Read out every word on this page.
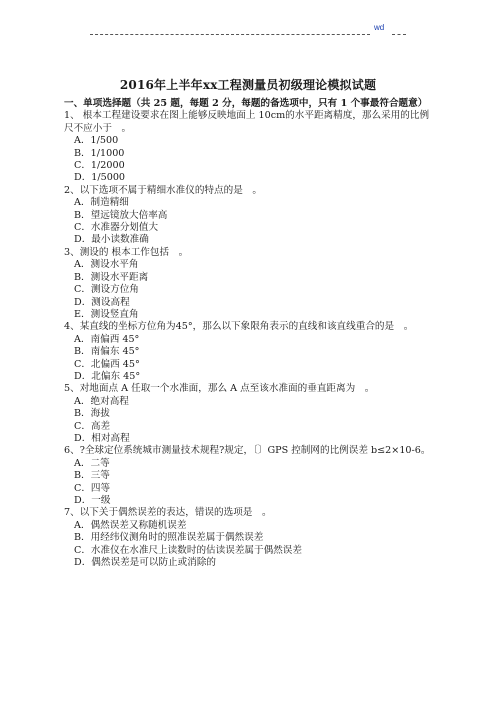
wd
2016年上半年xx工程测量员初级理论模拟试题

一、单项选择题（共 25 题，每题 2 分，每题的备选项中，只有 1 个事最符合题意）

1、 根本工程建设要求在图上能够反映地面上 10cm的水平距离精度，那么采用的比例尺不应小于　。

A．1/500

B．1/1000

C．1/2000

D．1/5000

2、以下选项不属于精细水准仪的特点的是　。

A．制造精细

B．望远镜放大倍率高

C．水准器分划值大

D．最小读数准确

3、测设的 根本工作包括　。

A．测设水平角

B．测设水平距离

C．测设方位角

D．测设高程

E．测设竖直角

4、某直线的坐标方位角为45°，那么以下象限角表示的直线和该直线重合的是　。

A．南偏西 45°

B．南偏东 45°

C．北偏西 45°

D．北偏东 45°

5、对地面点 A 任取一个水准面，那么 A 点至该水准面的垂直距离为　。

A．绝对高程

B．海拔

C．高差

D．相对高程

6、?全球定位系统城市测量技术规程?规定，〔〕GPS 控制网的比例误差 b≤2×10-6。

A．二等

B．三等

C．四等

D．一级

7、以下关于偶然误差的表达，错误的选项是　。

A．偶然误差又称随机误差

B．用经纬仪测角时的照准误差属于偶然误差

C．水准仪在水准尺上读数时的估读误差属于偶然误差

D．偶然误差是可以防止或消除的
